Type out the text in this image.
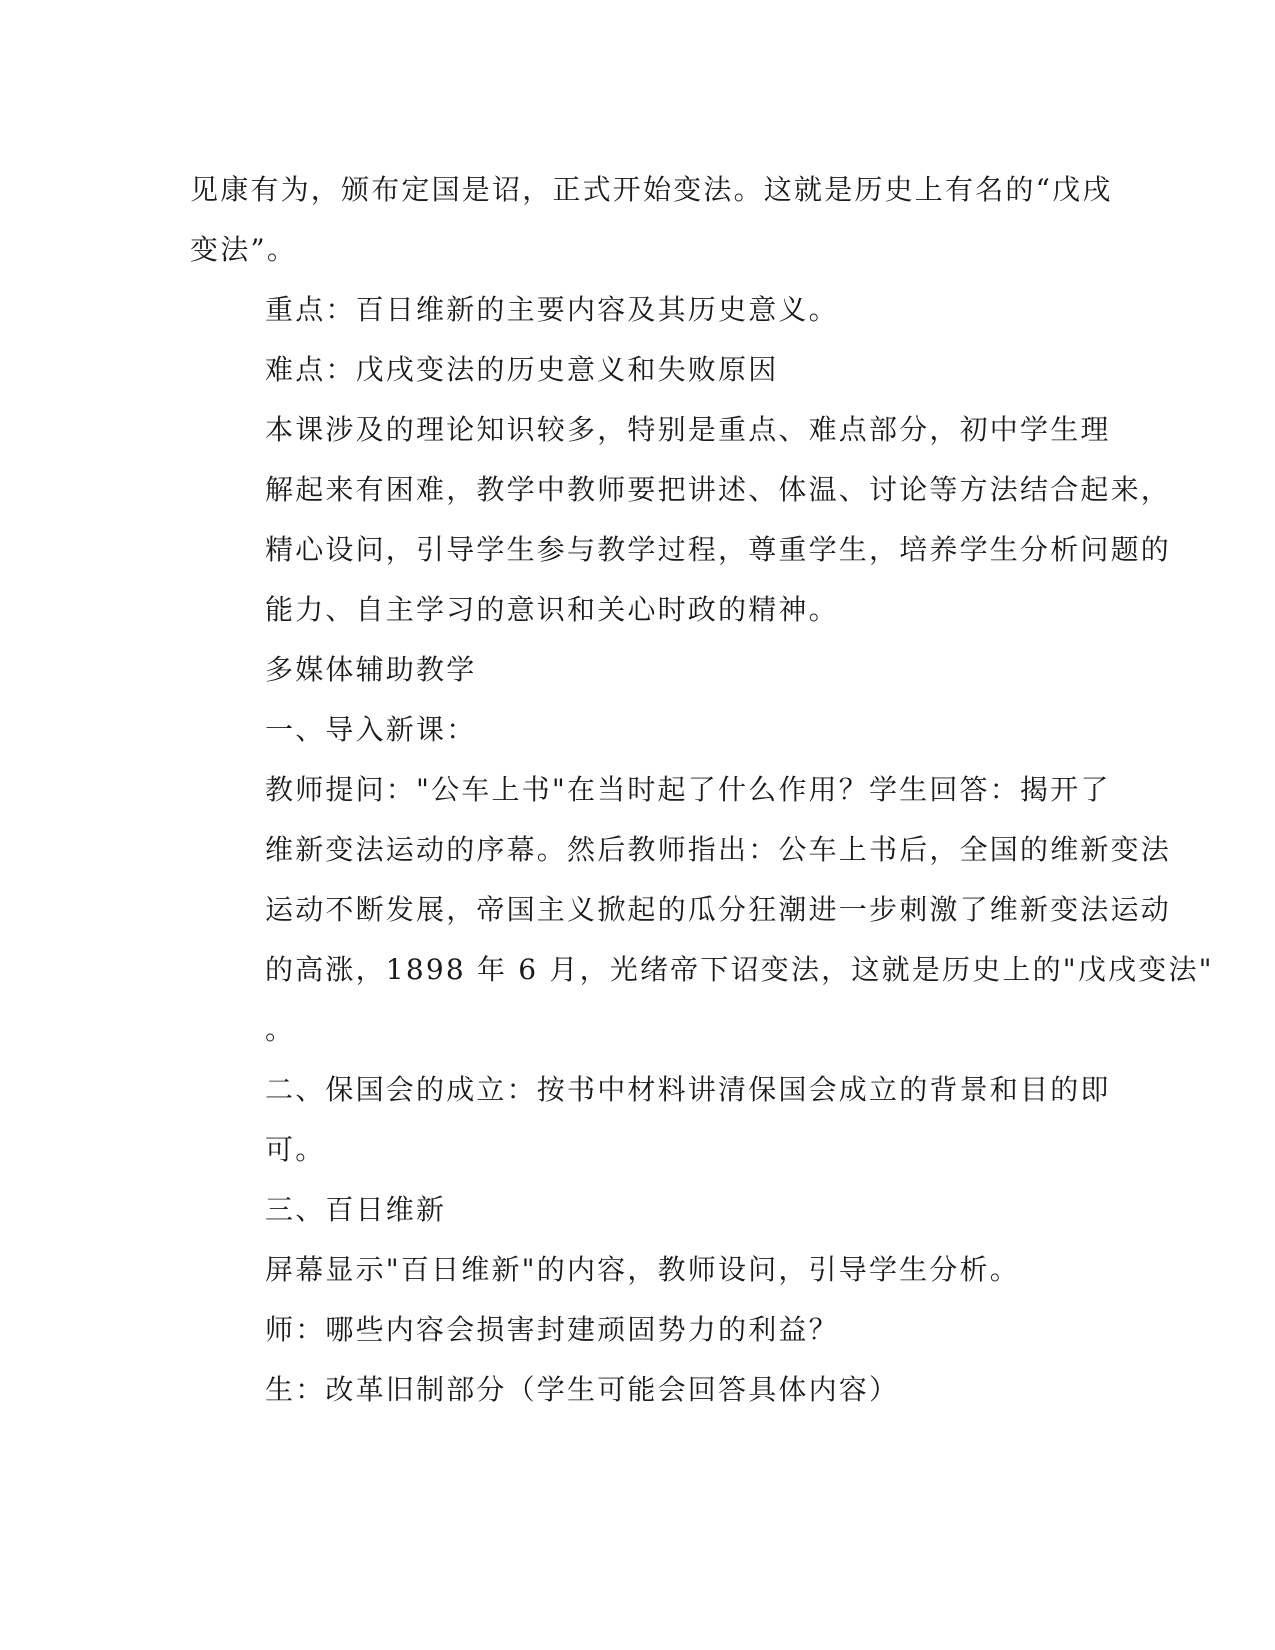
见康有为，颁布定国是诏，正式开始变法。这就是历史上有名的“戊戌
变法”。

重点：百日维新的主要内容及其历史意义。

难点：戊戌变法的历史意义和失败原因

本课涉及的理论知识较多，特别是重点、难点部分，初中学生理
解起来有困难，教学中教师要把讲述、体温、讨论等方法结合起来，
精心设问，引导学生参与教学过程，尊重学生，培养学生分析问题的
能力、自主学习的意识和关心时政的精神。

多媒体辅助教学

一、导入新课：

教师提问："公车上书"在当时起了什么作用？学生回答：揭开了
维新变法运动的序幕。然后教师指出：公车上书后，全国的维新变法
运动不断发展，帝国主义掀起的瓜分狂潮进一步刺激了维新变法运动
的高涨，1898 年 6 月，光绪帝下诏变法，这就是历史上的"戊戌变法"
。

二、保国会的成立：按书中材料讲清保国会成立的背景和目的即
可。

三、百日维新

屏幕显示"百日维新"的内容，教师设问，引导学生分析。

师：哪些内容会损害封建顽固势力的利益？

生：改革旧制部分（学生可能会回答具体内容）
